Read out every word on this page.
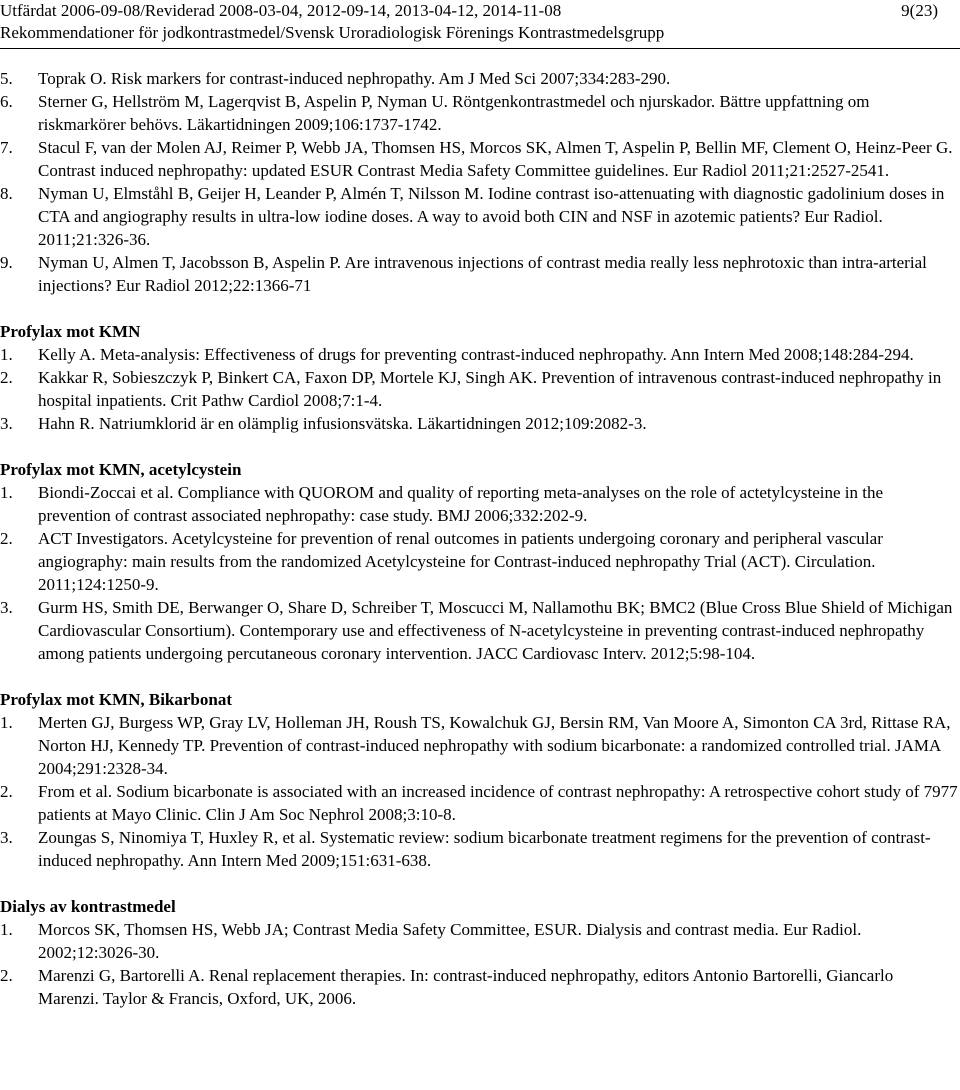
Utfärdat 2006-09-08/Reviderad 2008-03-04, 2012-09-14, 2013-04-12, 2014-11-08
Rekommendationer för jodkontrastmedel/Svensk Uroradiologisk Förenings Kontrastmedelsgrupp
9(23)
5. Toprak O. Risk markers for contrast-induced nephropathy. Am J Med Sci 2007;334:283-290.
6. Sterner G, Hellström M, Lagerqvist B, Aspelin P, Nyman U. Röntgenkontrastmedel och njurskador. Bättre uppfattning om riskmarkörer behövs. Läkartidningen 2009;106:1737-1742.
7. Stacul F, van der Molen AJ, Reimer P, Webb JA, Thomsen HS, Morcos SK, Almen T, Aspelin P, Bellin MF, Clement O, Heinz-Peer G. Contrast induced nephropathy: updated ESUR Contrast Media Safety Committee guidelines. Eur Radiol 2011;21:2527-2541.
8. Nyman U, Elmståhl B, Geijer H, Leander P, Almén T, Nilsson M. Iodine contrast iso-attenuating with diagnostic gadolinium doses in CTA and angiography results in ultra-low iodine doses. A way to avoid both CIN and NSF in azotemic patients? Eur Radiol. 2011;21:326-36.
9. Nyman U, Almen T, Jacobsson B, Aspelin P. Are intravenous injections of contrast media really less nephrotoxic than intra-arterial injections? Eur Radiol 2012;22:1366-71
Profylax mot KMN
1. Kelly A. Meta-analysis: Effectiveness of drugs for preventing contrast-induced nephropathy. Ann Intern Med 2008;148:284-294.
2. Kakkar R, Sobieszczyk P, Binkert CA, Faxon DP, Mortele KJ, Singh AK. Prevention of intravenous contrast-induced nephropathy in hospital inpatients. Crit Pathw Cardiol 2008;7:1-4.
3. Hahn R. Natriumklorid är en olämplig infusionsvätska. Läkartidningen 2012;109:2082-3.
Profylax mot KMN, acetylcystein
1. Biondi-Zoccai et al. Compliance with QUOROM and quality of reporting meta-analyses on the role of actetylcysteine in the prevention of contrast associated nephropathy: case study. BMJ 2006;332:202-9.
2. ACT Investigators. Acetylcysteine for prevention of renal outcomes in patients undergoing coronary and peripheral vascular angiography: main results from the randomized Acetylcysteine for Contrast-induced nephropathy Trial (ACT). Circulation. 2011;124:1250-9.
3. Gurm HS, Smith DE, Berwanger O, Share D, Schreiber T, Moscucci M, Nallamothu BK; BMC2 (Blue Cross Blue Shield of Michigan Cardiovascular Consortium). Contemporary use and effectiveness of N-acetylcysteine in preventing contrast-induced nephropathy among patients undergoing percutaneous coronary intervention. JACC Cardiovasc Interv. 2012;5:98-104.
Profylax mot KMN, Bikarbonat
1. Merten GJ, Burgess WP, Gray LV, Holleman JH, Roush TS, Kowalchuk GJ, Bersin RM, Van Moore A, Simonton CA 3rd, Rittase RA, Norton HJ, Kennedy TP. Prevention of contrast-induced nephropathy with sodium bicarbonate: a randomized controlled trial. JAMA 2004;291:2328-34.
2. From et al. Sodium bicarbonate is associated with an increased incidence of contrast nephropathy: A retrospective cohort study of 7977 patients at Mayo Clinic. Clin J Am Soc Nephrol 2008;3:10-8.
3. Zoungas S, Ninomiya T, Huxley R, et al. Systematic review: sodium bicarbonate treatment regimens for the prevention of contrast-induced nephropathy. Ann Intern Med 2009;151:631-638.
Dialys av kontrastmedel
1. Morcos SK, Thomsen HS, Webb JA; Contrast Media Safety Committee, ESUR. Dialysis and contrast media. Eur Radiol. 2002;12:3026-30.
2. Marenzi G, Bartorelli A. Renal replacement therapies. In: contrast-induced nephropathy, editors Antonio Bartorelli, Giancarlo Marenzi. Taylor & Francis, Oxford, UK, 2006.
